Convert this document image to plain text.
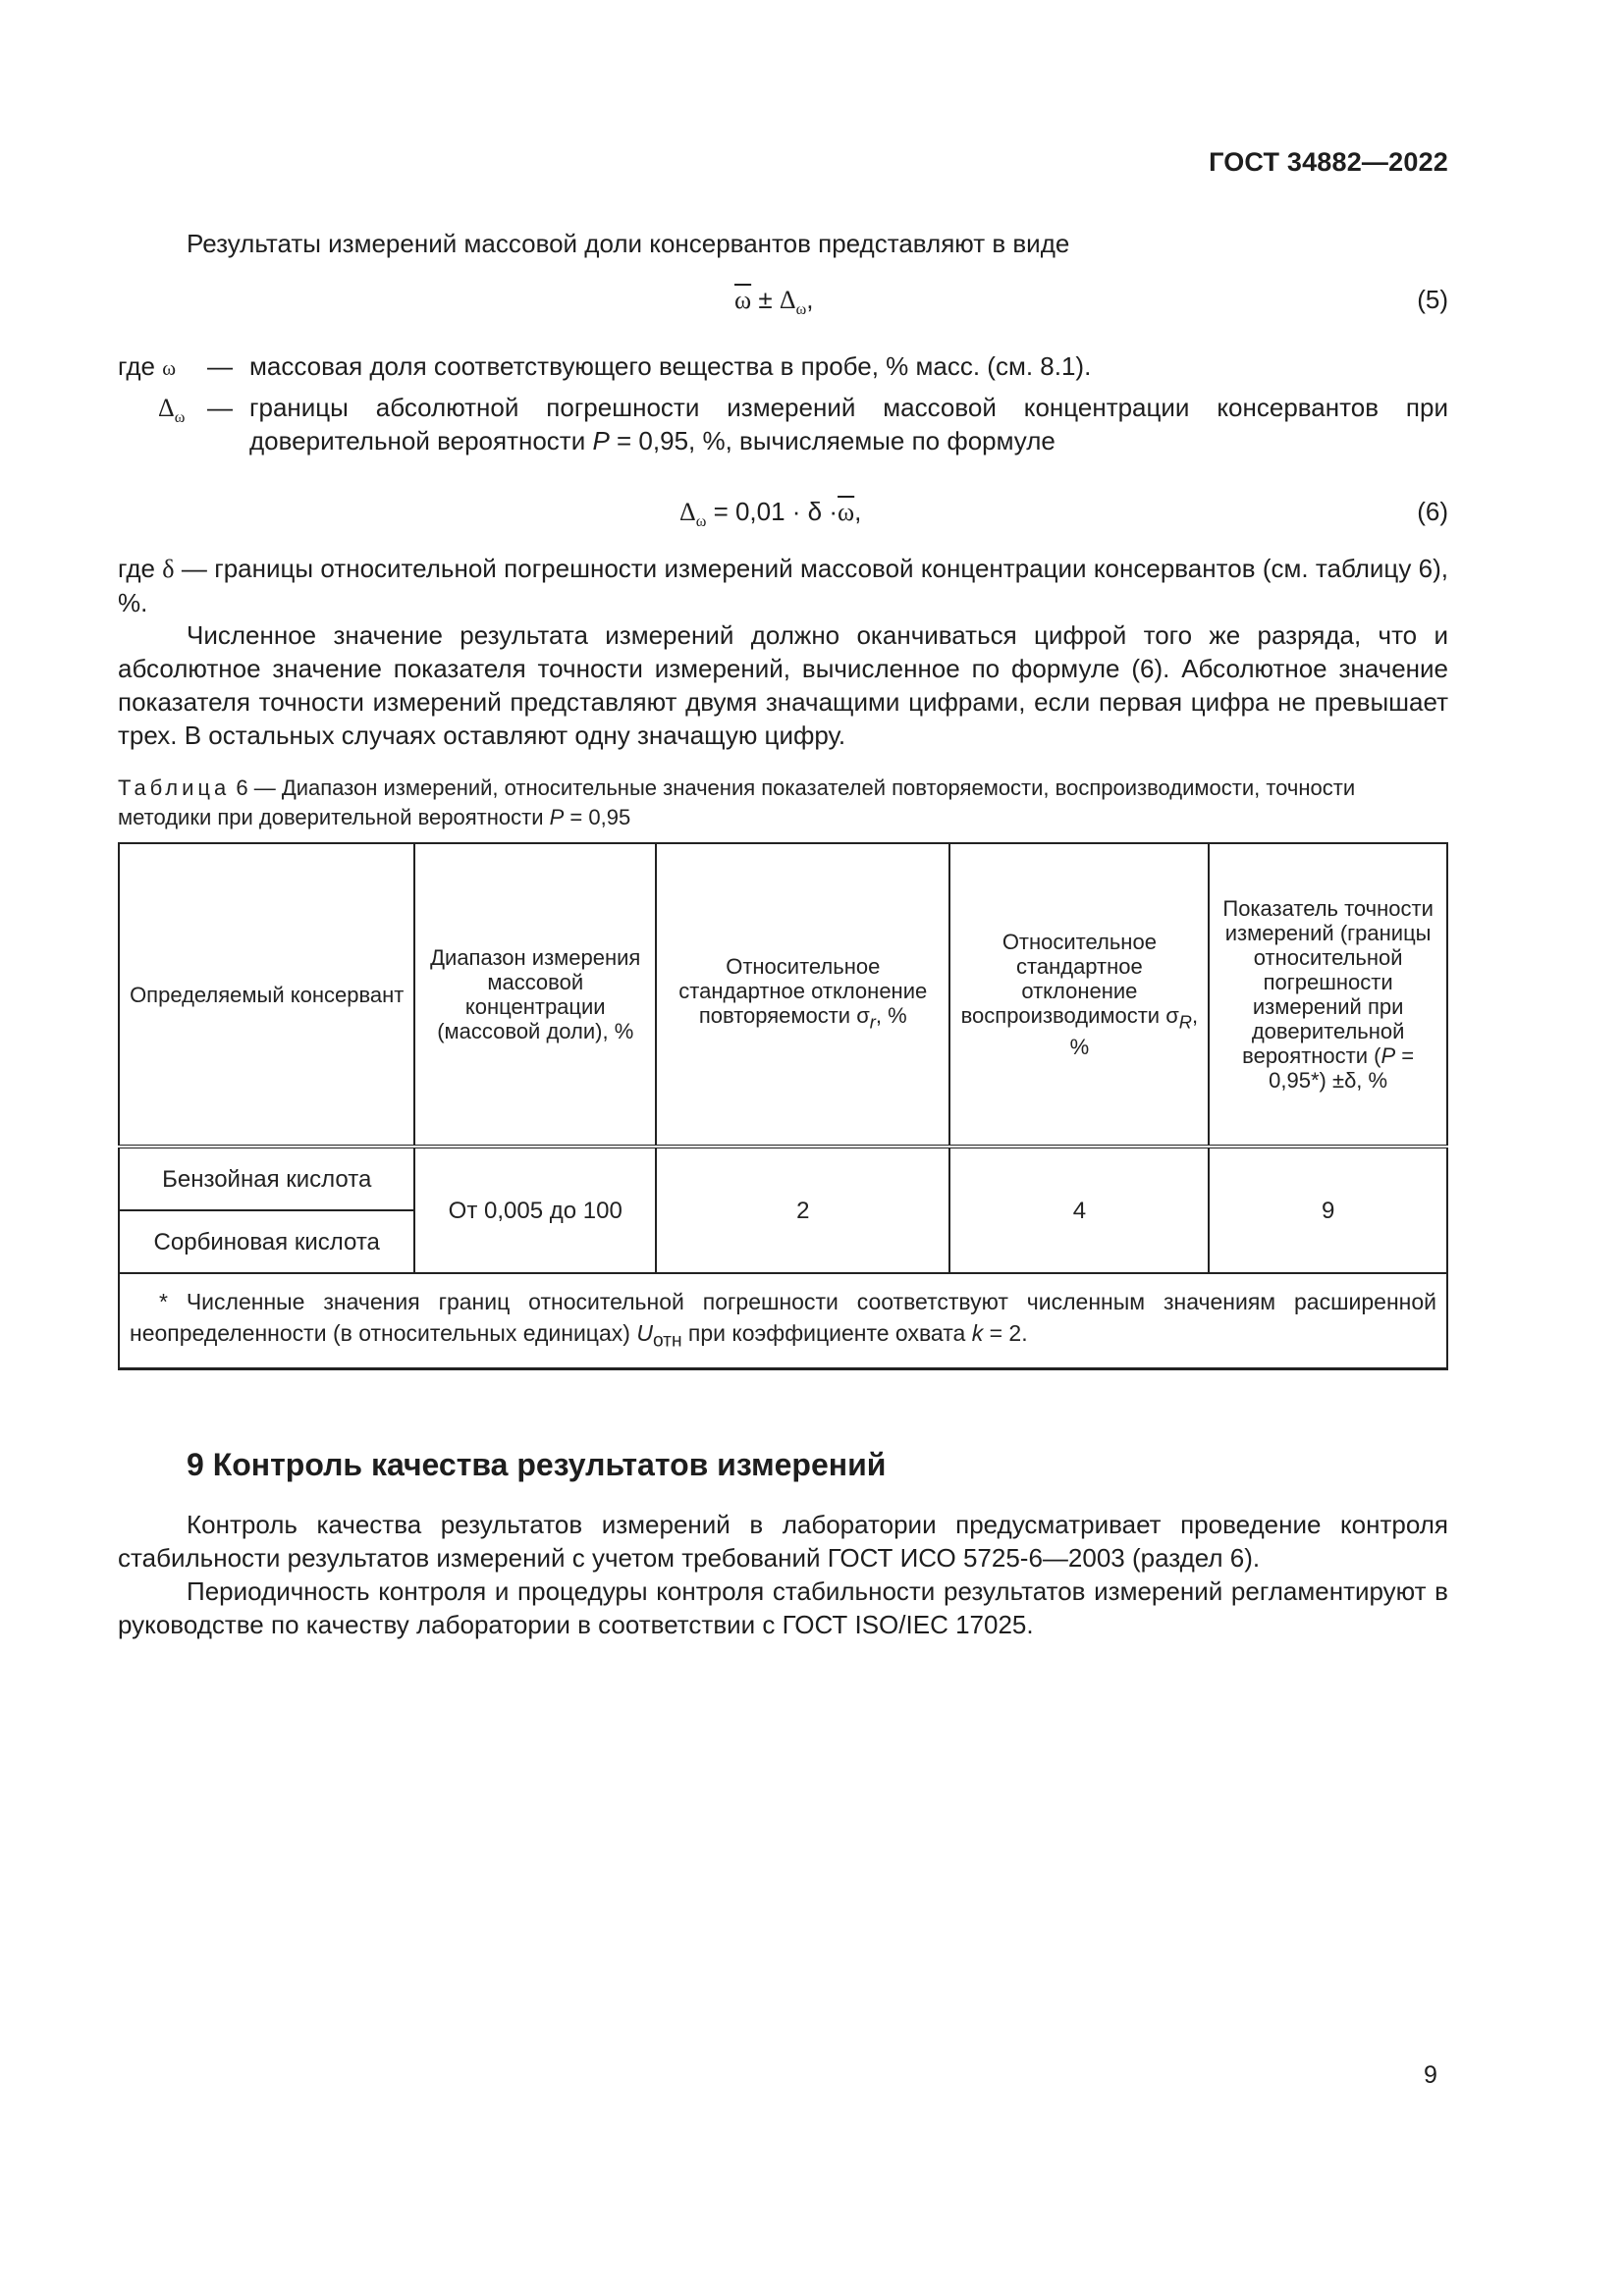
ГОСТ 34882—2022
Результаты измерений массовой доли консервантов представляют в виде
$\overline{\omega} \pm \Delta_\omega$,	(5)
где ω — массовая доля соответствующего вещества в пробе, % масс. (см. 8.1).
$\Delta_\omega$ — границы абсолютной погрешности измерений массовой концентрации консервантов при доверительной вероятности P = 0,95, %, вычисляемые по формуле
$\Delta_\omega = 0,01 \cdot \delta \cdot\overline{\omega}$,	(6)
где δ — границы относительной погрешности измерений массовой концентрации консервантов (см. таблицу 6), %.
Численное значение результата измерений должно оканчиваться цифрой того же разряда, что и абсолютное значение показателя точности измерений, вычисленное по формуле (6). Абсолютное значение показателя точности измерений представляют двумя значащими цифрами, если первая цифра не превышает трех. В остальных случаях оставляют одну значащую цифру.
Таблица 6 — Диапазон измерений, относительные значения показателей повторяемости, воспроизводимости, точности методики при доверительной вероятности P = 0,95
Определяемый консервант	Диапазон измерения массовой концентрации (массовой доли), %	Относительное стандартное отклонение повторяемости $\sigma_r$, %	Относительное стандартное отклонение воспроизводимости $\sigma_R$, %	Показатель точности измерений (границы относительной погрешности измерений при доверительной вероятности (P = 0,95*) ±δ, %
Бензойная кислота	От 0,005 до 100	2	4	9
Сорбиновая кислота				
* Численные значения границ относительной погрешности соответствуют численным значениям расширенной неопределенности (в относительных единицах) $U_{отн}$ при коэффициенте охвата k = 2.				
9 Контроль качества результатов измерений
Контроль качества результатов измерений в лаборатории предусматривает проведение контроля стабильности результатов измерений с учетом требований ГОСТ ИСО 5725-6—2003 (раздел 6).
Периодичность контроля и процедуры контроля стабильности результатов измерений регламентируют в руководстве по качеству лаборатории в соответствии с ГОСТ ISO/IEC 17025.
9
